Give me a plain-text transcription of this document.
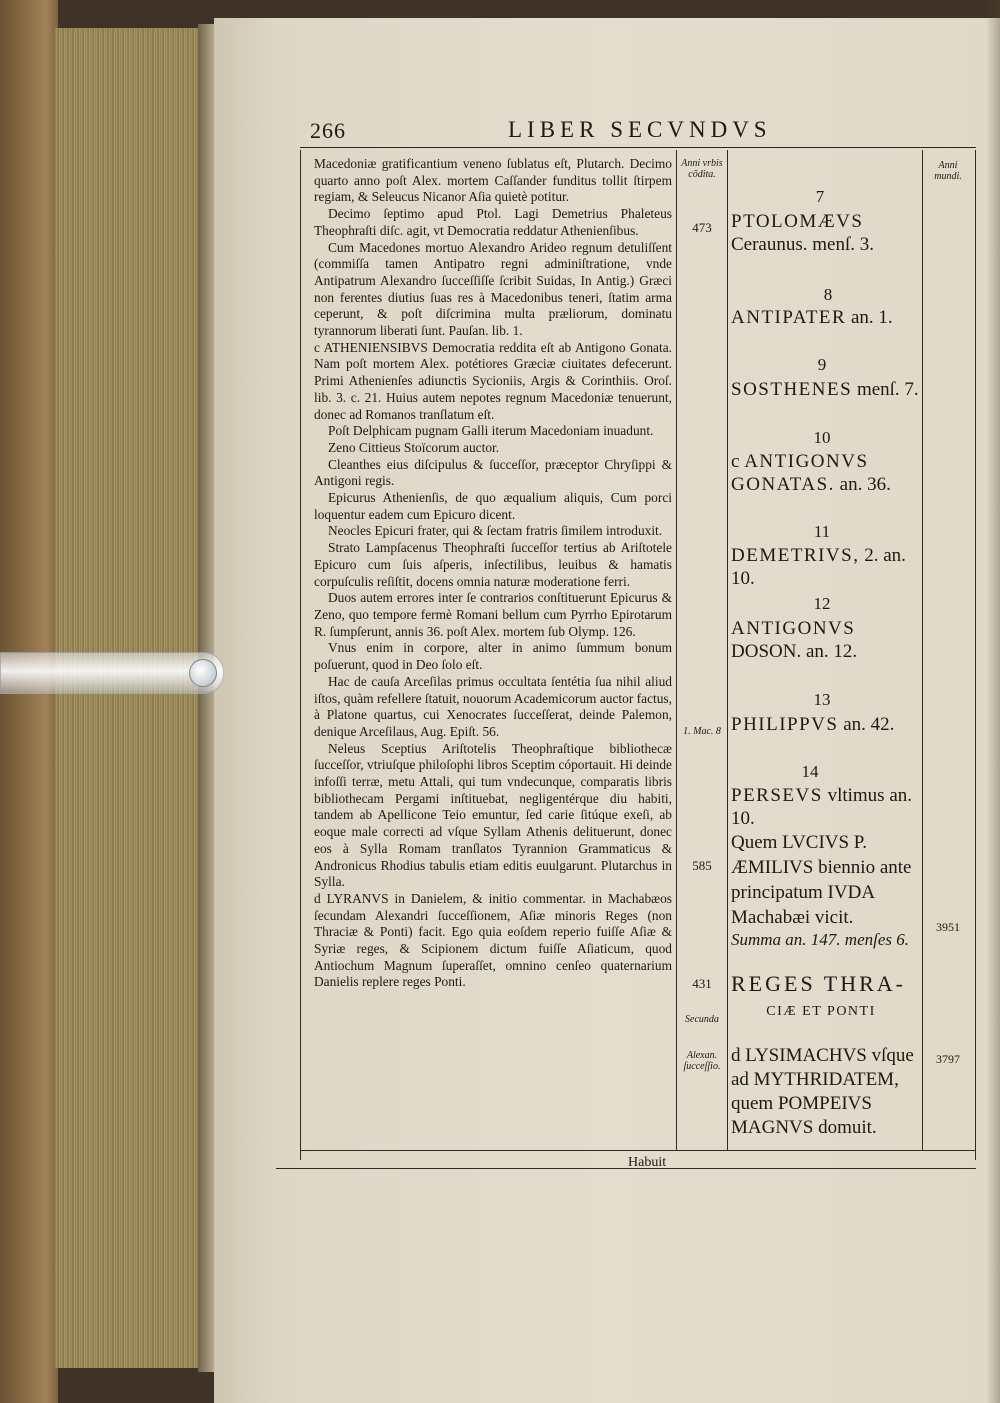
266	LIBER SECVNDVS

Macedoniæ gratificantium veneno ſublatus eſt, Plutarch. Decimo quarto anno poſt Alex. mortem Caſſander funditus tollit ſtirpem regiam, & Seleucus Nicanor Aſia quietè potitur.

Decimo ſeptimo apud Ptol. Lagi Demetrius Phaleteus Theophraſti diſc. agit, vt Democratia reddatur Athenienſibus.

Cum Macedones mortuo Alexandro Arideo regnum detuliſſent (commiſſa tamen Antipatro regni adminiſtratione, vnde Antipatrum Alexandro ſucceſſiſſe ſcribit Suidas, In Antig.) Græci non ferentes diutius ſuas res à Macedonibus teneri, ſtatim arma ceperunt, & poſt diſcrimina multa præliorum, dominatu tyrannorum liberati ſunt. Pauſan. lib. 1.

c ATHENIENSIBVS Democratia reddita eſt ab Antigono Gonata. Nam poſt mortem Alex. potétiores Græciæ ciuitates defecerunt. Primi Athenienſes adiunctis Sycioniis, Argis & Corinthiis. Oroſ. lib. 3. c. 21. Huius autem nepotes regnum Macedoniæ tenuerunt, donec ad Romanos tranſlatum eſt.

Poſt Delphicam pugnam Galli iterum Macedoniam inuadunt.

Zeno Cittieus Stoïcorum auctor.

Cleanthes eius diſcipulus & ſucceſſor, præceptor Chryſippi & Antigoni regis.

Epicurus Athenienſis, de quo æqualium aliquis, Cum porci loquentur eadem cum Epicuro dicent.

Neocles Epicuri frater, qui & ſectam fratris ſimilem introduxit.

Strato Lampſacenus Theophraſti ſucceſſor tertius ab Ariſtotele Epicuro cum ſuis aſperis, inſectilibus, leuibus & hamatis corpuſculis reſiſtit, docens omnia naturæ moderatione ferri.

Duos autem errores inter ſe contrarios conſtituerunt Epicurus & Zeno, quo tempore fermè Romani bellum cum Pyrrho Epirotarum R. ſumpſerunt, annis 36. poſt Alex. mortem ſub Olymp. 126.

Vnus enim in corpore, alter in animo ſummum bonum poſuerunt, quod in Deo ſolo eſt.

Hac de cauſa Arceſilas primus occultata ſentétia ſua nihil aliud iſtos, quàm refellere ſtatuit, nouorum Academicorum auctor factus, à Platone quartus, cui Xenocrates ſucceſſerat, deinde Palemon, denique Arceſilaus, Aug. Epiſt. 56.

Neleus Sceptius Ariſtotelis Theophraſtique bibliothecæ ſucceſſor, vtriuſque philoſophi libros Sceptim cóportauit. Hi deinde infoſſi terræ, metu Attali, qui tum vndecunque, comparatis libris bibliothecam Pergami inſtituebat, negligentérque diu habiti, tandem ab Apellicone Teio emuntur, ſed carie ſitúque exeſi, ab eoque male correcti ad vſque Syllam Athenis delituerunt, donec eos à Sylla Romam tranſlatos Tyrannion Grammaticus & Andronicus Rhodius tabulis etiam editis euulgarunt. Plutarchus in Sylla.

d LYRANVS in Danielem, & initio commentar. in Machabæos ſecundam Alexandri ſucceſſionem, Aſiæ minoris Reges (non Thraciæ & Ponti) facit. Ego quia eoſdem reperio fuiſſe Aſiæ & Syriæ reges, & Scipionem dictum fuiſſe Aſiaticum, quod Antiochum Magnum ſuperaſſet, omnino cenſeo quaternarium Danielis replere reges Ponti.

Anni vrbis cõdita.
473
1. Mac. 8
585
431
Secunda
Alexan. ſucceſſio.
7
PTOLOMÆVS Ceraunus. menſ. 3.
8
ANTIPATER an. 1.
9
SOSTHENES menſ. 7.
10
c ANTIGONVS GONATAS. an. 36.
11
DEMETRIVS, 2. an. 10.
12
ANTIGONVS DOSON. an. 12.
13
PHILIPPVS an. 42.
14
PERSEVS vltimus an. 10.
Quem LVCIVS P. ÆMILIVS biennio ante principatum IVDA Machabæi vicit.
Summa an. 147. menſes 6.
REGES THRA-
CIÆ ET PONTI
d LYSIMACHVS vſque ad MYTHRIDATEM, quem POMPEIVS MAGNVS domuit.
Anni mundi.
3951
3797
Habuit
